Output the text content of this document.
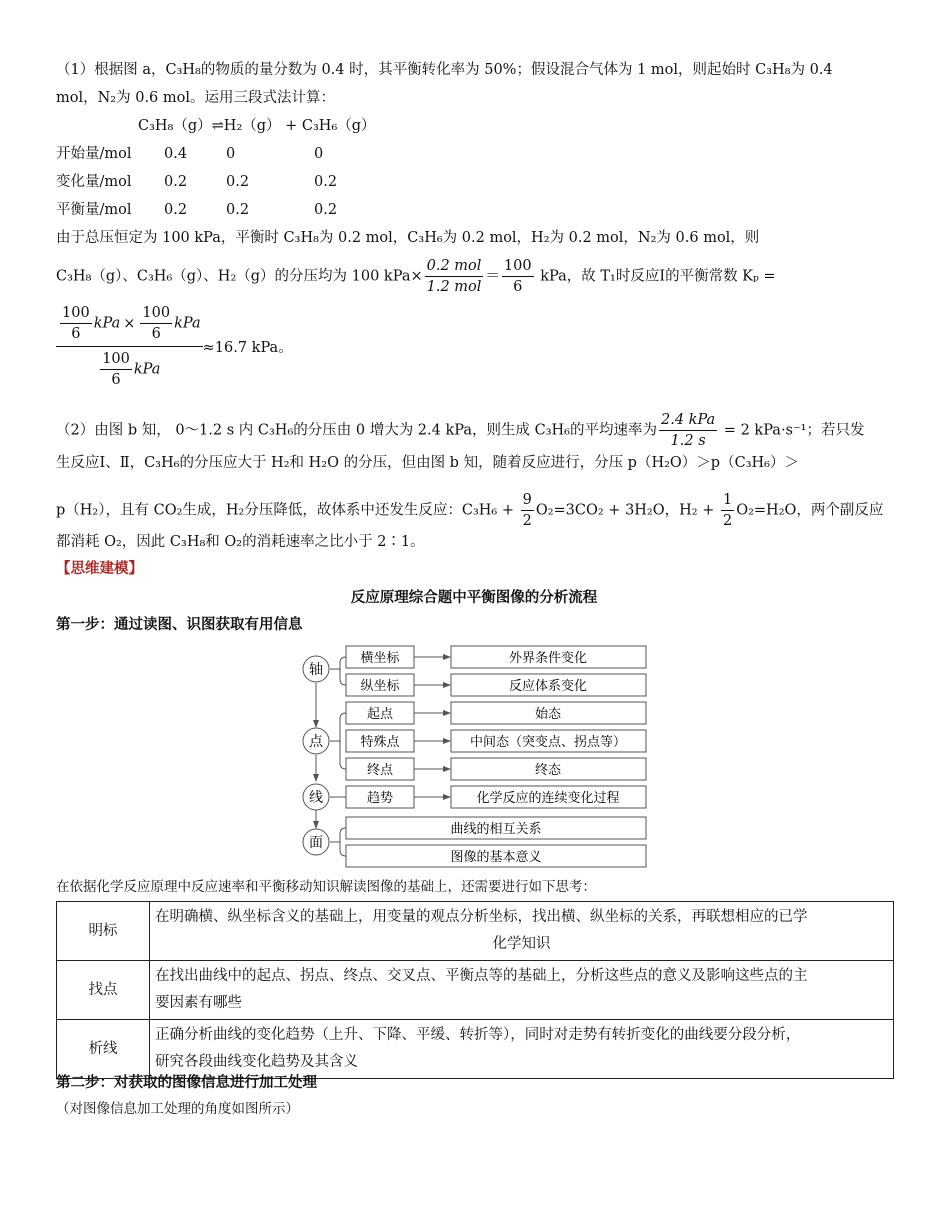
（1）根据图 a，C₃H₈的物质的量分数为 0.4 时，其平衡转化率为 50%；假设混合气体为 1 mol，则起始时 C₃H₈为 0.4
mol，N₂为 0.6 mol。运用三段式法计算：
C₃H₈（g）⇌H₂（g） + C₃H₆（g）
开始量/mol 0.4	0	0
变化量/mol 0.2	0.2	0.2
平衡量/mol 0.2	0.2	0.2
由于总压恒定为 100 kPa，平衡时 C₃H₈为 0.2 mol，C₃H₆为 0.2 mol，H₂为 0.2 mol，N₂为 0.6 mol，则
C₃H₈（g）、C₃H₆（g）、H₂（g）的分压均为 100 $kPa\times \frac{\text{0.2 mol}}{\text{1.2 mol}} = \frac{100}{6}$ kPa，故 T₁时反应Ⅰ的平衡常数 Kₚ =
$\frac{100}{6}$ kPa × $\frac{100}{6}$ kPa
$\frac{100}{6}$ kPa
≈16.7 kPa。
（2）由图 b 知， 0～1.2 s 内 C₃H₆的分压由 0 增大为 2.4 kPa，则生成 C₃H₆的平均速率为 $\frac{\text{2.4 kPa}}{1.2 s} = 2$ kPa·s⁻¹；若只发
生反应Ⅰ、Ⅱ，C₃H₆的分压应大于 H₂和 H₂O 的分压，但由图 b 知，随着反应进行，分压 p（H₂O）＞p（C₃H₆）＞
p（H₂），且有 CO₂生成，H₂分压降低，故体系中还发生反应：$C_3H_6 + \frac{9}{2} O_2=3CO_2 + 3H_2O$，$H_2 + \frac{1}{2} O_2=H_2O$，两个副反应
都消耗 O₂，因此 C₃H₈和 O₂的消耗速率之比小于 2∶1。
【思维建模】
反应原理综合题中平衡图像的分析流程
第一步：通过读图、识图获取有用信息
轴
点
线
面
横坐标	外界条件变化
纵坐标	反应体系变化
起点	始态
特殊点	中间态（突变点、拐点等）
终点	终态
趋势	化学反应的连续变化过程
曲线的相互关系
图像的基本意义
在依据化学反应原理中反应速率和平衡移动知识解读图像的基础上，还需要进行如下思考：
明标	在明确横、纵坐标含义的基础上，用变量的观点分析坐标，找出横、纵坐标的关系，再联想相应的已学
化学知识

找点	在找出曲线中的起点、拐点、终点、交叉点、平衡点等的基础上，分析这些点的意义及影响这些点的主
要因素有哪些

析线	正确分析曲线的变化趋势（上升、下降、平缓、转折等），同时对走势有转折变化的曲线要分段分析，
研究各段曲线变化趋势及其含义
第二步：对获取的图像信息进行加工处理
（对图像信息加工处理的角度如图所示）
